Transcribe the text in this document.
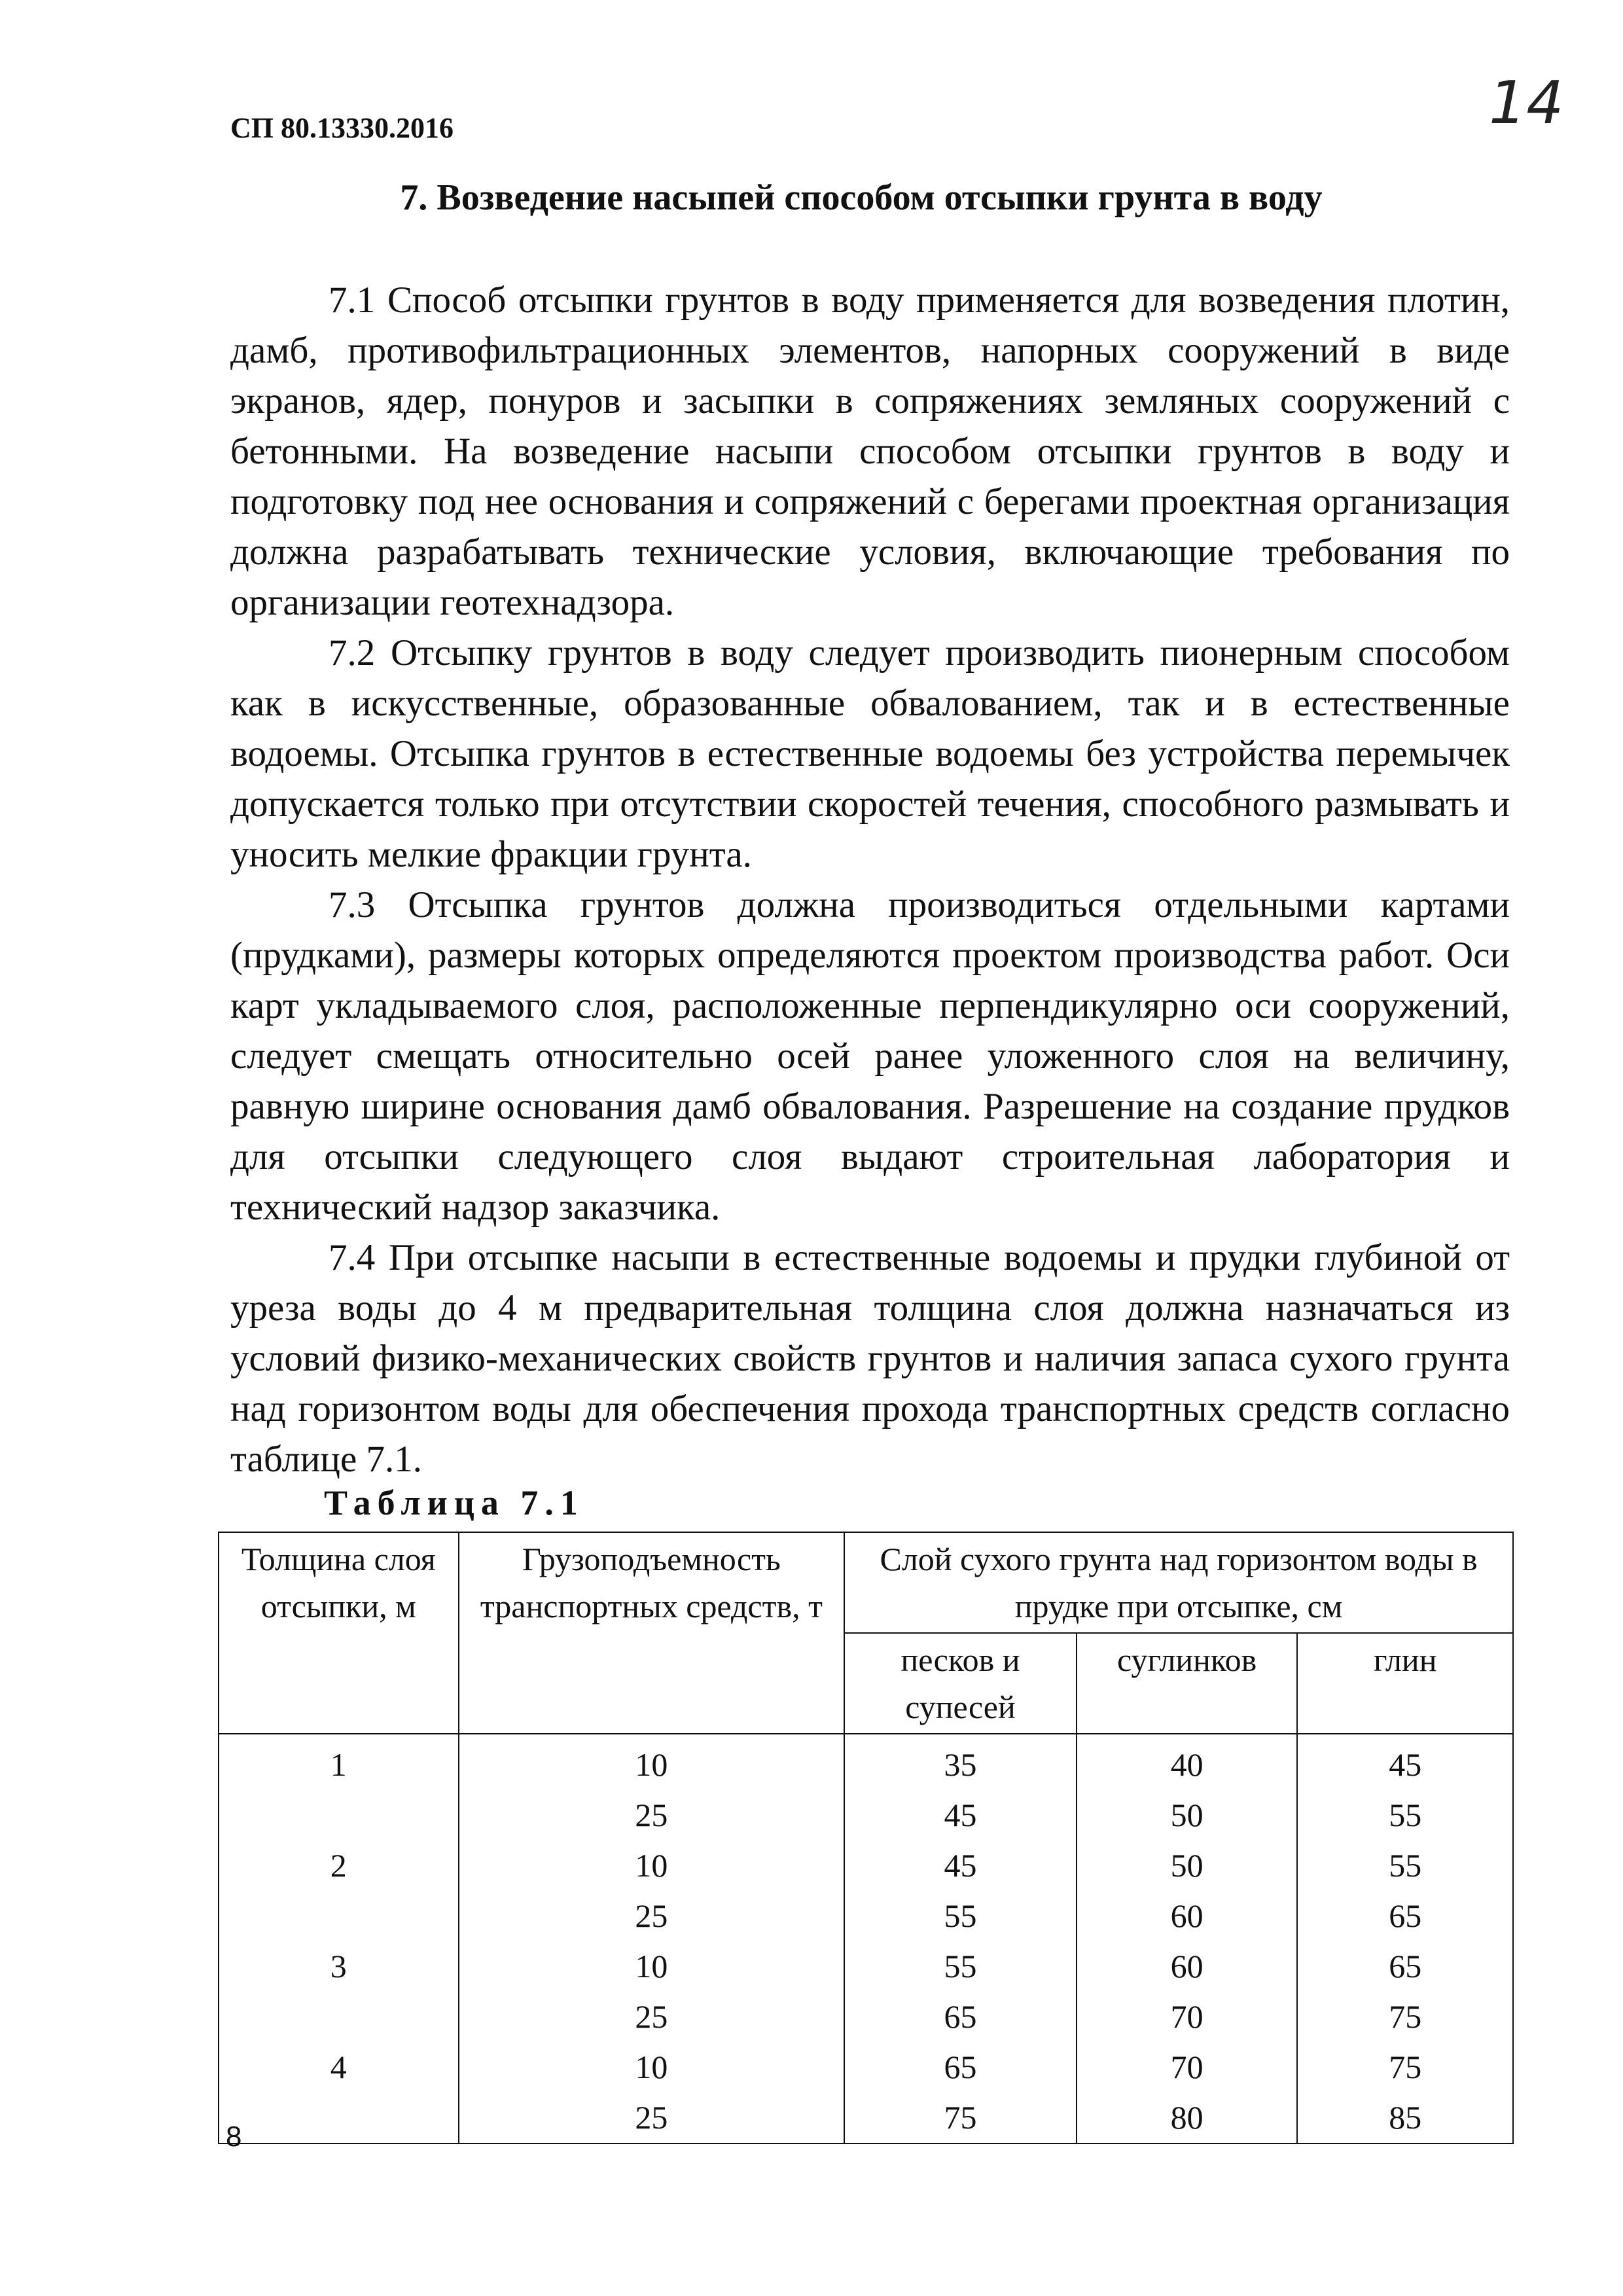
СП 80.13330.2016	14
7. Возведение насыпей способом отсыпки грунта в воду

7.1 Способ отсыпки грунтов в воду применяется для возведения плотин, дамб, противофильтрационных элементов, напорных сооружений в виде экранов, ядер, понуров и засыпки в сопряжениях земляных сооружений с бетонными. На возведение насыпи способом отсыпки грунтов в воду и подготовку под нее основания и сопряжений с берегами проектная организация должна разрабатывать технические условия, включающие требования по организации геотехнадзора.

7.2 Отсыпку грунтов в воду следует производить пионерным способом как в искусственные, образованные обвалованием, так и в естественные водоемы. Отсыпка грунтов в естественные водоемы без устройства перемычек допускается только при отсутствии скоростей течения, способного размывать и уносить мелкие фракции грунта.

7.3 Отсыпка грунтов должна производиться отдельными картами (прудками), размеры которых определяются проектом производства работ. Оси карт укладываемого слоя, расположенные перпендикулярно оси сооружений, следует смещать относительно осей ранее уложенного слоя на величину, равную ширине основания дамб обвалования. Разрешение на создание прудков для отсыпки следующего слоя выдают строительная лаборатория и технический надзор заказчика.

7.4 При отсыпке насыпи в естественные водоемы и прудки глубиной от уреза воды до 4 м предварительная толщина слоя должна назначаться из условий физико-механических свойств грунтов и наличия запаса сухого грунта над горизонтом воды для обеспечения прохода транспортных средств согласно таблице 7.1.

Таблица 7.1
Толщина слоя отсыпки, м	Грузоподъемность транспортных средств, т	Слой сухого грунта над горизонтом воды в прудке при отсыпке, см		
		песков и супесей	суглинков	глин
1	10	35	40	45
	25	45	50	55
2	10	45	50	55
	25	55	60	65
3	10	55	60	65
	25	65	70	75
4	10	65	70	75
	25	75	80	85
8
